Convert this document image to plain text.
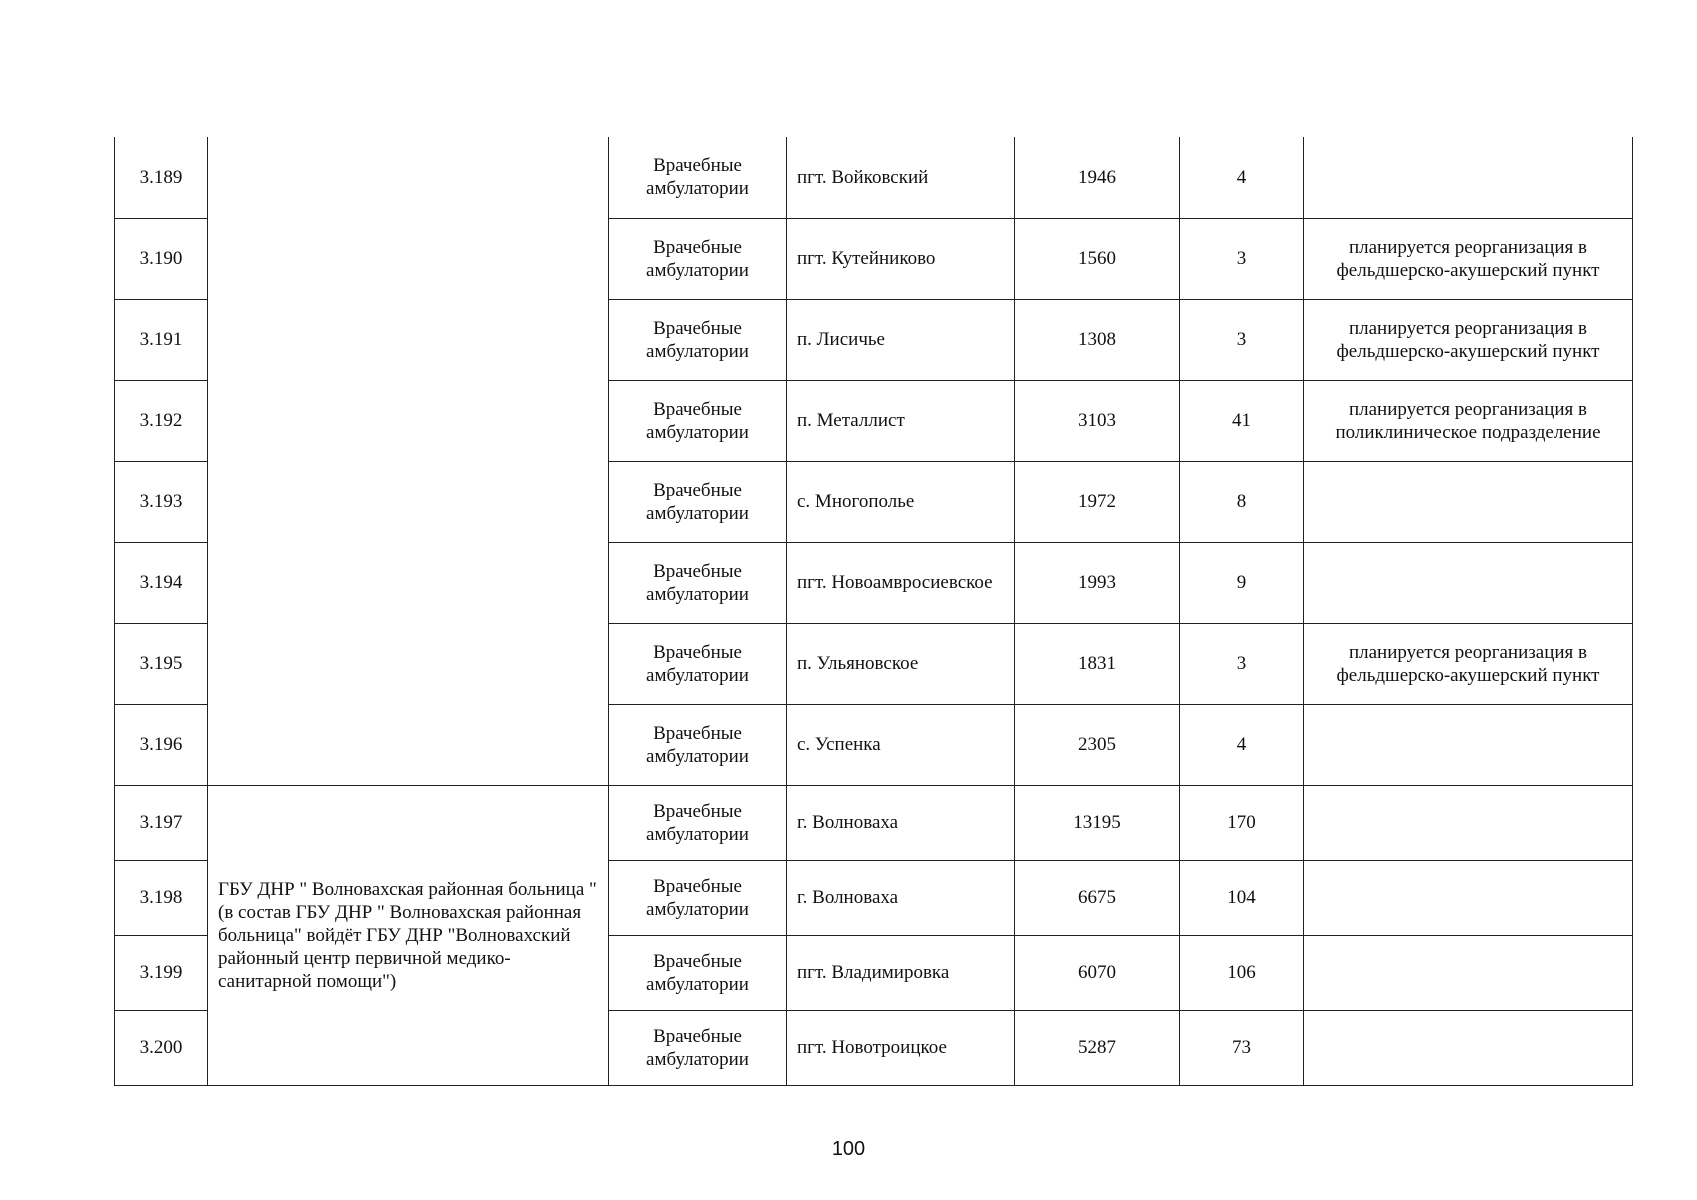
3.189		Врачебные амбулатории	пгт. Войковский	1946	4	
3.190		Врачебные амбулатории	пгт. Кутейниково	1560	3	планируется реорганизация в фельдшерско-акушерский пункт
3.191		Врачебные амбулатории	п. Лисичье	1308	3	планируется реорганизация в фельдшерско-акушерский пункт
3.192		Врачебные амбулатории	п. Металлист	3103	41	планируется реорганизация в поликлиническое подразделение
3.193		Врачебные амбулатории	с. Многополье	1972	8	
3.194		Врачебные амбулатории	пгт. Новоамвросиевское	1993	9	
3.195		Врачебные амбулатории	п. Ульяновское	1831	3	планируется реорганизация в фельдшерско-акушерский пункт
3.196		Врачебные амбулатории	с. Успенка	2305	4	
3.197	ГБУ ДНР " Волновахская районная больница " (в состав ГБУ ДНР " Волновахская районная больница" войдёт ГБУ ДНР "Волновахский районный центр первичной медико-санитарной помощи")	Врачебные амбулатории	г. Волноваха	13195	170	
3.198		Врачебные амбулатории	г. Волноваха	6675	104	
3.199		Врачебные амбулатории	пгт. Владимировка	6070	106	
3.200		Врачебные амбулатории	пгт. Новотроицкое	5287	73	
100
